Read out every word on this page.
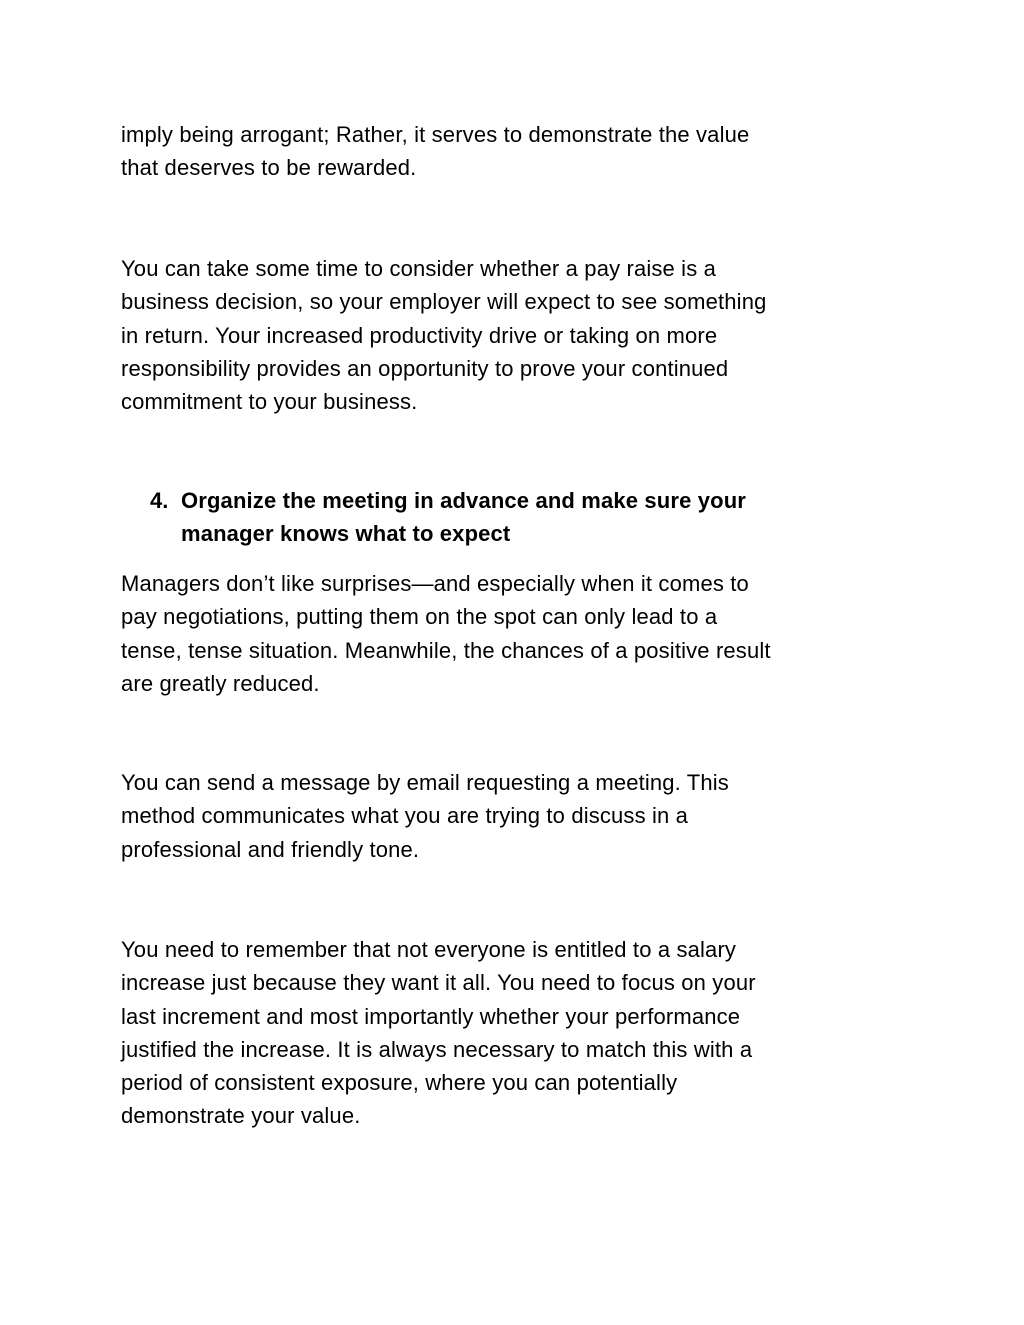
imply being arrogant; Rather, it serves to demonstrate the value
that deserves to be rewarded.
You can take some time to consider whether a pay raise is a
business decision, so your employer will expect to see something
in return. Your increased productivity drive or taking on more
responsibility provides an opportunity to prove your continued
commitment to your business.
4. Organize the meeting in advance and make sure your
manager knows what to expect
Managers don’t like surprises—and especially when it comes to
pay negotiations, putting them on the spot can only lead to a
tense, tense situation. Meanwhile, the chances of a positive result
are greatly reduced.
You can send a message by email requesting a meeting. This
method communicates what you are trying to discuss in a
professional and friendly tone.
You need to remember that not everyone is entitled to a salary
increase just because they want it all. You need to focus on your
last increment and most importantly whether your performance
justified the increase. It is always necessary to match this with a
period of consistent exposure, where you can potentially
demonstrate your value.
